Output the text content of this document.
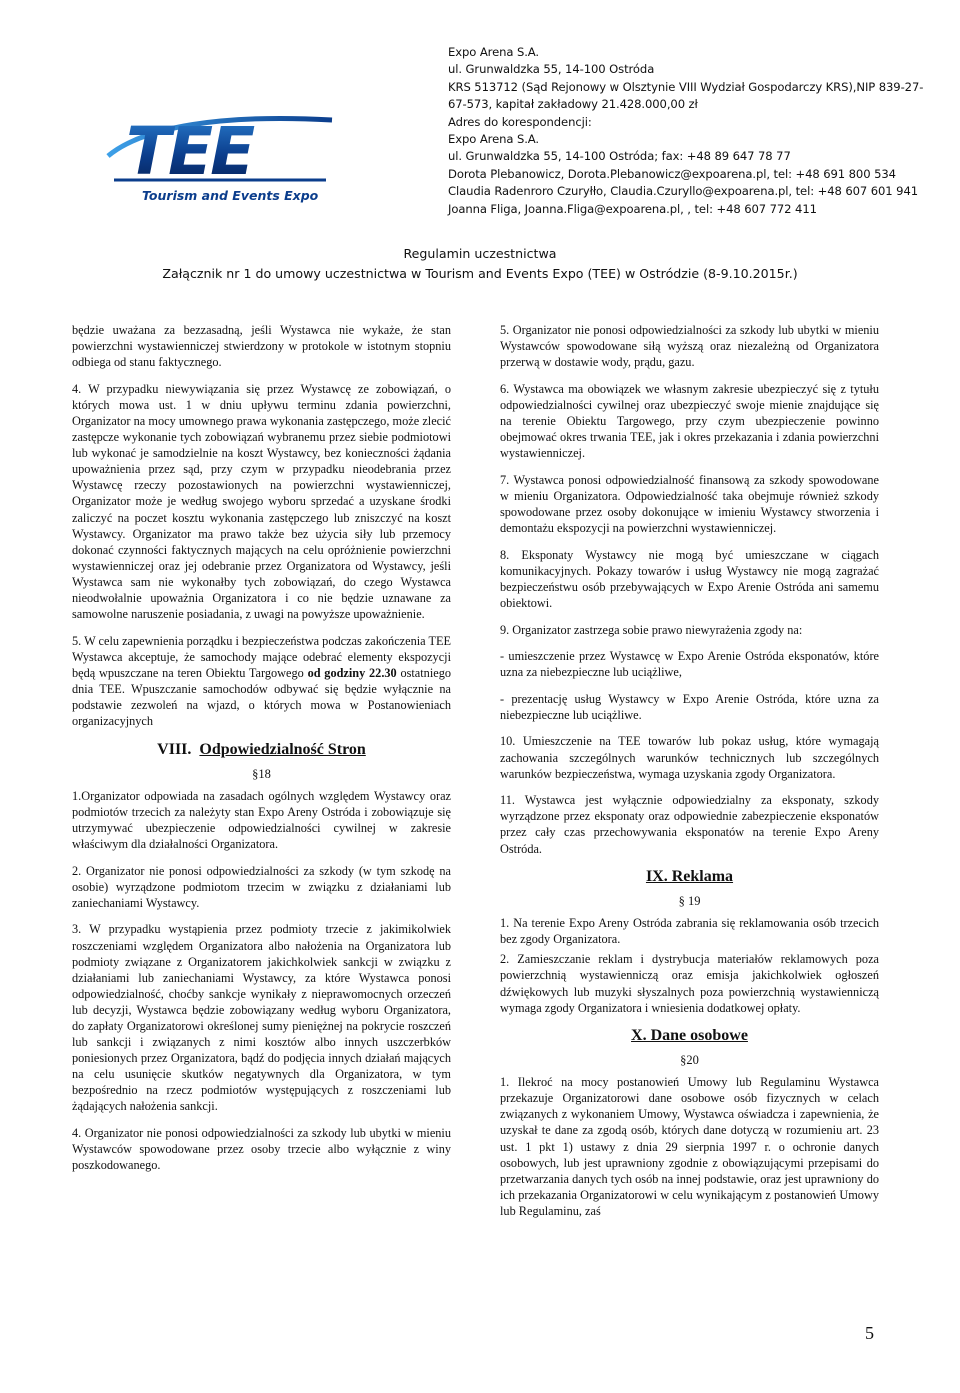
TEE
Tourism and Events Expo
Expo Arena S.A.
ul. Grunwaldzka 55, 14-100 Ostróda
KRS 513712 (Sąd Rejonowy w Olsztynie VIII Wydział Gospodarczy KRS),NIP 839-27-
67-573, kapitał zakładowy 21.428.000,00 zł
Adres do korespondencji:
Expo Arena S.A.
ul. Grunwaldzka 55, 14-100 Ostróda; fax: +48 89 647 78 77
Dorota Plebanowicz, Dorota.Plebanowicz@expoarena.pl, tel: +48 691 800 534
Claudia Radenroro Czuryłło, Claudia.Czuryllo@expoarena.pl, tel: +48 607 601 941
Joanna Fliga, Joanna.Fliga@expoarena.pl, , tel: +48 607 772 411
Regulamin uczestnictwa
Załącznik nr 1 do umowy uczestnictwa w Tourism and Events Expo (TEE) w Ostródzie (8-9.10.2015r.)

będzie uważana za bezzasadną, jeśli Wystawca nie wykaże, że stan powierzchni wystawienniczej stwierdzony w protokole w istotnym stopniu odbiega od stanu faktycznego.

4. W przypadku niewywiązania się przez Wystawcę ze zobowiązań, o których mowa ust. 1 w dniu upływu terminu zdania powierzchni, Organizator na mocy umownego prawa wykonania zastępczego, może zlecić zastępcze wykonanie tych zobowiązań wybranemu przez siebie podmiotowi lub wykonać je samodzielnie na koszt Wystawcy, bez konieczności żądania upoważnienia przez sąd, przy czym w przypadku nieodebrania przez Wystawcę rzeczy pozostawionych na powierzchni wystawienniczej, Organizator może je według swojego wyboru sprzedać a uzyskane środki zaliczyć na poczet kosztu wykonania zastępczego lub zniszczyć na koszt Wystawcy. Organizator ma prawo także bez użycia siły lub przemocy dokonać czynności faktycznych mających na celu opróżnienie powierzchni wystawienniczej oraz jej odebranie przez Organizatora od Wystawcy, jeśli Wystawca sam nie wykonałby tych zobowiązań, do czego Wystawca nieodwołalnie upoważnia Organizatora i co nie będzie uznawane za samowolne naruszenie posiadania, z uwagi na powyższe upoważnienie.

5. W celu zapewnienia porządku i bezpieczeństwa podczas zakończenia TEE Wystawca akceptuje, że samochody mające odebrać elementy ekspozycji będą wpuszczane na teren Obiektu Targowego od godziny 22.30 ostatniego dnia TEE. Wpuszczanie samochodów odbywać się będzie wyłącznie na podstawie zezwoleń na wjazd, o których mowa w Postanowieniach organizacyjnych

VIII. Odpowiedzialność Stron
§18

1.Organizator odpowiada na zasadach ogólnych względem Wystawcy oraz podmiotów trzecich za należyty stan Expo Areny Ostróda i zobowiązuje się utrzymywać ubezpieczenie odpowiedzialności cywilnej w zakresie właściwym dla działalności Organizatora.

2. Organizator nie ponosi odpowiedzialności za szkody (w tym szkodę na osobie) wyrządzone podmiotom trzecim w związku z działaniami lub zaniechaniami Wystawcy.

3. W przypadku wystąpienia przez podmioty trzecie z jakimikolwiek roszczeniami względem Organizatora albo nałożenia na Organizatora lub podmioty związane z Organizatorem jakichkolwiek sankcji w związku z działaniami lub zaniechaniami Wystawcy, za które Wystawca ponosi odpowiedzialność, choćby sankcje wynikały z nieprawomocnych orzeczeń lub decyzji, Wystawca będzie zobowiązany według wyboru Organizatora, do zapłaty Organizatorowi określonej sumy pieniężnej na pokrycie roszczeń lub sankcji i związanych z nimi kosztów albo innych uszczerbków poniesionych przez Organizatora, bądź do podjęcia innych działań mających na celu usunięcie skutków negatywnych dla Organizatora, w tym bezpośrednio na rzecz podmiotów występujących z roszczeniami lub żądających nałożenia sankcji.

4. Organizator nie ponosi odpowiedzialności za szkody lub ubytki w mieniu Wystawców spowodowane przez osoby trzecie albo wyłącznie z winy poszkodowanego.

5. Organizator nie ponosi odpowiedzialności za szkody lub ubytki w mieniu Wystawców spowodowane siłą wyższą oraz niezależną od Organizatora przerwą w dostawie wody, prądu, gazu.

6. Wystawca ma obowiązek we własnym zakresie ubezpieczyć się z tytułu odpowiedzialności cywilnej oraz ubezpieczyć swoje mienie znajdujące się na terenie Obiektu Targowego, przy czym ubezpieczenie powinno obejmować okres trwania TEE, jak i okres przekazania i zdania powierzchni wystawienniczej.

7. Wystawca ponosi odpowiedzialność finansową za szkody spowodowane w mieniu Organizatora. Odpowiedzialność taka obejmuje również szkody spowodowane przez osoby dokonujące w imieniu Wystawcy stworzenia i demontażu ekspozycji na powierzchni wystawienniczej.

8. Eksponaty Wystawcy nie mogą być umieszczane w ciągach komunikacyjnych. Pokazy towarów i usług Wystawcy nie mogą zagrażać bezpieczeństwu osób przebywających w Expo Arenie Ostróda ani samemu obiektowi.

9. Organizator zastrzega sobie prawo niewyrażenia zgody na:

- umieszczenie przez Wystawcę w Expo Arenie Ostróda eksponatów, które uzna za niebezpieczne lub uciążliwe,

- prezentację usług Wystawcy w Expo Arenie Ostróda, które uzna za niebezpieczne lub uciążliwe.

10. Umieszczenie na TEE towarów lub pokaz usług, które wymagają zachowania szczególnych warunków technicznych lub szczególnych warunków bezpieczeństwa, wymaga uzyskania zgody Organizatora.

11. Wystawca jest wyłącznie odpowiedzialny za eksponaty, szkody wyrządzone przez eksponaty oraz odpowiednie zabezpieczenie eksponatów przez cały czas przechowywania eksponatów na terenie Expo Areny Ostróda.

IX. Reklama
§ 19

1. Na terenie Expo Areny Ostróda zabrania się reklamowania osób trzecich bez zgody Organizatora.

2. Zamieszczanie reklam i dystrybucja materiałów reklamowych poza powierzchnią wystawienniczą oraz emisja jakichkolwiek ogłoszeń dźwiękowych lub muzyki słyszalnych poza powierzchnią wystawienniczą wymaga zgody Organizatora i wniesienia dodatkowej opłaty.

X. Dane osobowe
§20

1. Ilekroć na mocy postanowień Umowy lub Regulaminu Wystawca przekazuje Organizatorowi dane osobowe osób fizycznych w celach związanych z wykonaniem Umowy, Wystawca oświadcza i zapewnienia, że uzyskał te dane za zgodą osób, których dane dotyczą w rozumieniu art. 23 ust. 1 pkt 1) ustawy z dnia 29 sierpnia 1997 r. o ochronie danych osobowych, lub jest uprawniony zgodnie z obowiązującymi przepisami do przetwarzania danych tych osób na innej podstawie, oraz jest uprawniony do ich przekazania Organizatorowi w celu wynikającym z postanowień Umowy lub Regulaminu, zaś

5
